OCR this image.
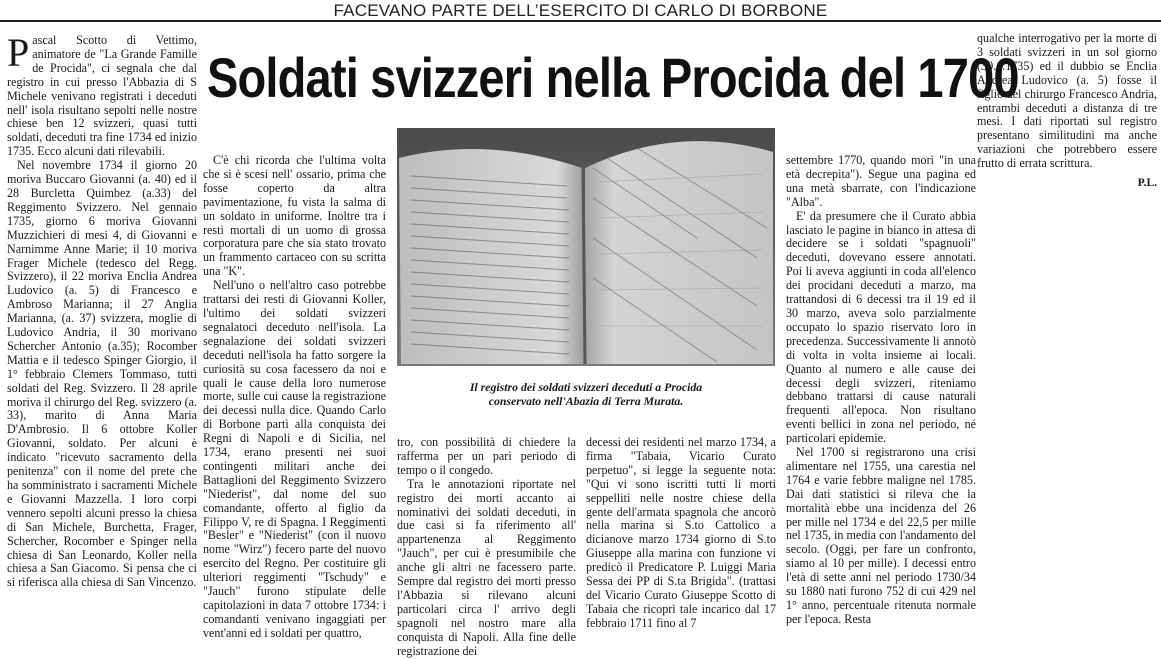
FACEVANO PARTE DELL’ESERCITO DI CARLO DI BORBONE

Pascal Scotto di Vettimo, animatore de "La Grande Famille de Procida", ci segnala che dal registro in cui presso l'Abbazia di S Michele venivano registrati i deceduti nell' isola risultano sepolti nelle nostre chiese ben 12 svizzeri, quasi tutti soldati, deceduti tra fine 1734 ed inizio 1735. Ecco alcuni dati rilevabili.

Nel novembre 1734 il giorno 20 moriva Buccaro Giovanni (a. 40) ed il 28 Burcletta Quimbez (a.33) del Reggimento Svizzero. Nel gennaio 1735, giorno 6 moriva Giovanni Muzzichieri di mesi 4, di Giovanni e Narnimme Anne Marie; il 10 moriva Frager Michele (tedesco del Regg. Svizzero), il 22 moriva Enclia Andrea Ludovico (a. 5) di Francesco e Ambroso Marianna; il 27 Anglia Marianna, (a. 37) svizzera, moglie di Ludovico Andria, il 30 morivano Schercher Antonio (a.35); Rocomber Mattia e il tedesco Spinger Giorgio, il 1° febbraio Clemers Tommaso, tutti soldati del Reg. Svizzero. Il 28 aprile moriva il chirurgo del Reg. svizzero (a. 33), marito di Anna Maria D'Ambrosio. Il 6 ottobre Koller Giovanni, soldato. Per alcuni è indicato "ricevuto sacramento della penitenza" con il nome del prete che ha somministrato i sacramenti Michele e Giovanni Mazzella. I loro corpi vennero sepolti alcuni presso la chiesa di San Michele, Burchetta, Frager, Schercher, Rocomber e Spinger nella chiesa di San Leonardo, Koller nella chiesa a San Giacomo. Si pensa che ci si riferisca alla chiesa di San Vincenzo.

Soldati svizzeri nella Procida del 1700

C'è chi ricorda che l'ultima volta che si è scesi nell' ossario, prima che fosse coperto da altra pavimentazione, fu vista la salma di un soldato in uniforme. Inoltre tra i resti mortali di un uomo di grossa corporatura pare che sia stato trovato un frammento cartaceo con su scritta una "K".

Nell'uno o nell'altro caso potrebbe trattarsi dei resti di Giovanni Koller, l'ultimo dei soldati svizzeri segnalatoci deceduto nell'isola. La segnalazione dei soldati svizzeri deceduti nell'isola ha fatto sorgere la curiosità su cosa facessero da noi e quali le cause della loro numerose morte, sulle cui cause la registrazione dei decessi nulla dice. Quando Carlo di Borbone partì alla conquista dei Regni di Napoli e di Sicilia, nel 1734, erano presenti nei suoi contingenti militari anche dei Battaglioni del Reggimento Svizzero "Niederist", dal nome del suo comandante, offerto al figlio da Filippo V, re di Spagna. I Reggimenti "Besler" e "Niederist" (con il nuovo nome "Wirz") fecero parte del nuovo esercito del Regno. Per costituire gli ulteriori reggimenti "Tschudy" e "Jauch" furono stipulate delle capitolazioni in data 7 ottobre 1734: i comandanti venivano ingaggiati per vent'anni ed i soldati per quattro,

Il registro dei soldati svizzeri deceduti a Procida
conservato nell'Abazia di Terra Murata.

tro, con possibilità di chiedere la rafferma per un pari periodo di tempo o il congedo.

Tra le annotazioni riportate nel registro dei morti accanto ai nominativi dei soldati deceduti, in due casi si fa riferimento all' appartenenza al Reggimento "Jauch", per cui è presumibile che anche gli altri ne facessero parte. Sempre dal registro dei morti presso l'Abbazia si rilevano alcuni particolari circa l' arrivo degli spagnoli nel nostro mare alla conquista di Napoli. Alla fine delle registrazione dei

decessi dei residenti nel marzo 1734, a firma "Tabaia, Vicario Curato perpetuo", si legge la seguente nota: "Qui vi sono iscritti tutti li morti seppelliti nelle nostre chiese della gente dell'armata spagnola che ancorò nella marina si S.to Cattolico a dicianove marzo 1734 giorno di S.to Giuseppe alla marina con funzione vi predicò il Predicatore P. Luiggi Maria Sessa dei PP di S.ta Brigida". (trattasi del Vicario Curato Giuseppe Scotto di Tabaia che ricoprì tale incarico dal 17 febbraio 1711 fino al 7

settembre 1770, quando morì "in una età decrepita"). Segue una pagina ed una metà sbarrate, con l'indicazione "Alba".

E' da presumere che il Curato abbia lasciato le pagine in bianco in attesa di decidere se i soldati "spagnuoli" deceduti, dovevano essere annotati. Poi li aveva aggiunti in coda all'elenco dei procidani deceduti a marzo, ma trattandosi di 6 decessi tra il 19 ed il 30 marzo, aveva solo parzialmente occupato lo spazio riservato loro in precedenza. Successivamente li annotò di volta in volta insieme ai locali. Quanto al numero e alle cause dei decessi degli svizzeri, riteniamo debbano trattarsi di cause naturali frequenti all'epoca. Non risultano eventi bellici in zona nel periodo, né particolari epidemie.

Nel 1700 si registrarono una crisi alimentare nel 1755, una carestia nel 1764 e varie febbre maligne nel 1785. Dai dati statistici si rileva che la mortalità ebbe una incidenza del 26 per mille nel 1734 e del 22,5 per mille nel 1735, in media con l'andamento del secolo. (Oggi, per fare un confronto, siamo al 10 per mille). I decessi entro l'età di sette anni nel periodo 1730/34 su 1880 nati furono 752 di cui 429 nel 1° anno, percentuale ritenuta normale per l'epoca. Resta

qualche interrogativo per la morte di 3 soldati svizzeri in un sol giorno (30.1.1735) ed il dubbio se Enclia Andrea Ludovico (a. 5) fosse il figlio del chirurgo Francesco Andria, entrambi deceduti a distanza di tre mesi. I dati riportati sul registro presentano similitudini ma anche variazioni che potrebbero essere frutto di errata scrittura.

P.L.
